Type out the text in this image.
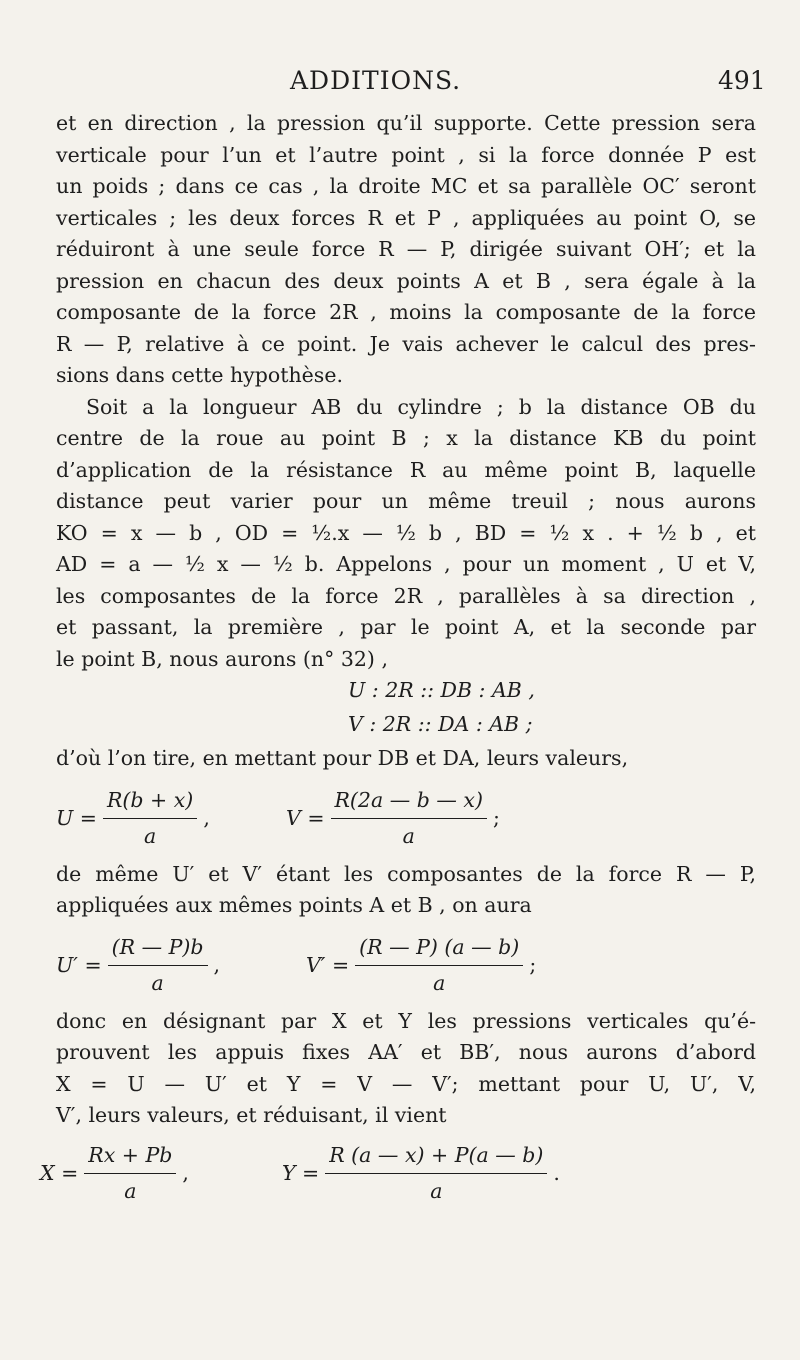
ADDITIONS.	491
et en direction , la pression qu’il supporte. Cette pression sera
verticale pour l’un et l’autre point , si la force donnée P est
un poids ; dans ce cas , la droite MC et sa parallèle OC′ seront
verticales ; les deux forces R et P , appliquées au point O, se
réduiront à une seule force R — P, dirigée suivant OH′; et la
pression en chacun des deux points A et B , sera égale à la
composante de la force 2R , moins la composante de la force
R — P, relative à ce point. Je vais achever le calcul des pres-
sions dans cette hypothèse.
Soit a la longueur AB du cylindre ; b la distance OB du
centre de la roue au point B ; x la distance KB du point
d’application de la résistance R au même point B, laquelle
distance peut varier pour un même treuil ; nous aurons
KO = x — b , OD = ½.x — ½ b , BD = ½ x . + ½ b , et
AD = a — ½ x — ½ b. Appelons , pour un moment , U et V,
les composantes de la force 2R , parallèles à sa direction ,
et passant, la première , par le point A, et la seconde par
le point B, nous aurons (n° 32) ,
U : 2R :: DB : AB ,
V : 2R :: DA : AB ;
d’où l’on tire, en mettant pour DB et DA, leurs valeurs,
$U = \frac{R(b + x)}{a}$ ,	$V = \frac{R(2a — b — x)}{a}$ ;
de même U′ et V′ étant les composantes de la force R — P,
appliquées aux mêmes points A et B , on aura
$U' = \frac{(R — P)b}{a}$ ,	$V' = \frac{(R — P) (a — b)}{a}$ ;
donc en désignant par X et Y les pressions verticales qu’é-
prouvent les appuis fixes AA′ et BB′, nous aurons d’abord
X = U — U′ et Y = V — V′; mettant pour U, U′, V,
V′, leurs valeurs, et réduisant, il vient
$X = \frac{Rx + Pb}{a}$ ,	$Y = \frac{R (a — x) + P(a — b)}{a}$ .
